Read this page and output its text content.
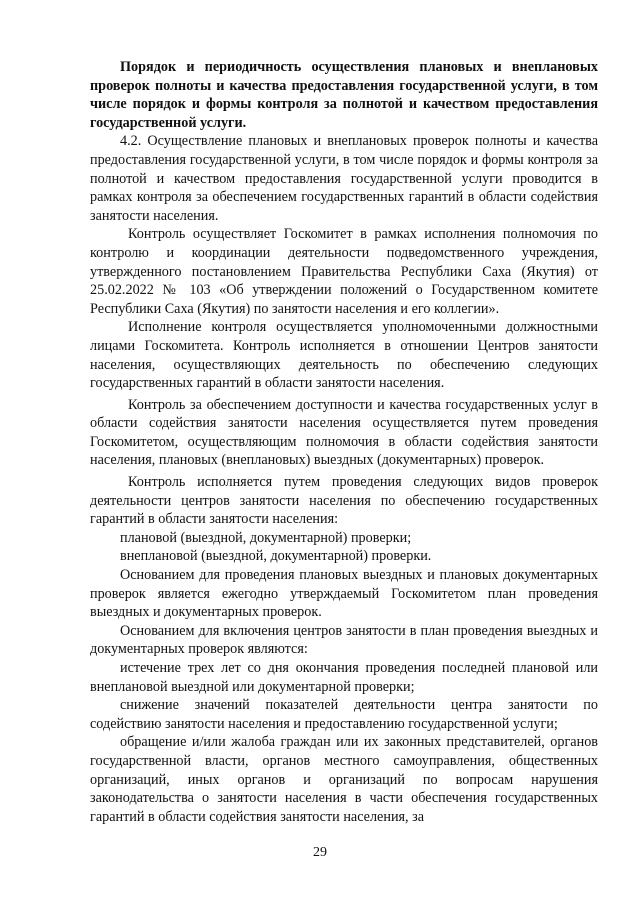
Порядок и периодичность осуществления плановых и внеплановых проверок полноты и качества предоставления государственной услуги, в том числе порядок и формы контроля за полнотой и качеством предоставления государственной услуги.

4.2. Осуществление плановых и внеплановых проверок полноты и качества предоставления государственной услуги, в том числе порядок и формы контроля за полнотой и качеством предоставления государственной услуги проводится в рамках контроля за обеспечением государственных гарантий в области содействия занятости населения.

Контроль осуществляет Госкомитет в рамках исполнения полномочия по контролю и координации деятельности подведомственного учреждения, утвержденного постановлением Правительства Республики Саха (Якутия) от 25.02.2022 № 103 «Об утверждении положений о Государственном комитете Республики Саха (Якутия) по занятости населения и его коллегии».

Исполнение контроля осуществляется уполномоченными должностными лицами Госкомитета. Контроль исполняется в отношении Центров занятости населения, осуществляющих деятельность по обеспечению следующих государственных гарантий в области занятости населения.

Контроль за обеспечением доступности и качества государственных услуг в области содействия занятости населения осуществляется путем проведения Госкомитетом, осуществляющим полномочия в области содействия занятости населения, плановых (внеплановых) выездных (документарных) проверок.

Контроль исполняется путем проведения следующих видов проверок деятельности центров занятости населения по обеспечению государственных гарантий в области занятости населения:

плановой (выездной, документарной) проверки;

внеплановой (выездной, документарной) проверки.

Основанием для проведения плановых выездных и плановых документарных проверок является ежегодно утверждаемый Госкомитетом план проведения выездных и документарных проверок.

Основанием для включения центров занятости в план проведения выездных и документарных проверок являются:

истечение трех лет со дня окончания проведения последней плановой или внеплановой выездной или документарной проверки;

снижение значений показателей деятельности центра занятости по содействию занятости населения и предоставлению государственной услуги;

обращение и/или жалоба граждан или их законных представителей, органов государственной власти, органов местного самоуправления, общественных организаций, иных органов и организаций по вопросам нарушения законодательства о занятости населения в части обеспечения государственных гарантий в области содействия занятости населения, за

29
